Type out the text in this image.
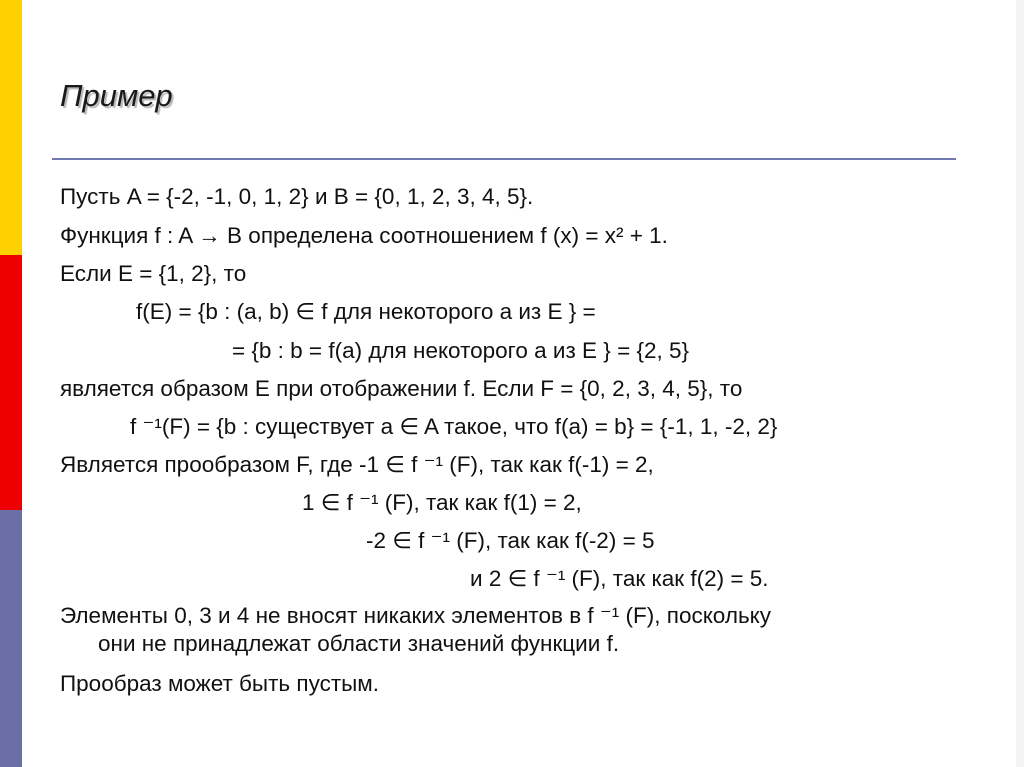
Пример
Пусть A = {-2, -1, 0, 1, 2} и B = {0, 1, 2, 3, 4, 5}.
Функция f : A → B определена соотношением f (x) = x² + 1.
Если E = {1, 2}, то
f(E) = {b : (a, b) ∈ f для некоторого a из E } =
= {b : b = f(a) для некоторого a из E } = {2, 5}
является образом E при отображении f. Если F = {0, 2, 3, 4, 5}, то
f ⁻¹(F) = {b : существует a ∈ A такое, что f(a) = b} = {-1, 1, -2, 2}
Является прообразом F, где -1 ∈ f ⁻¹ (F), так как f(-1) = 2,
1 ∈ f ⁻¹ (F), так как f(1) = 2,
-2 ∈ f ⁻¹ (F), так как f(-2) = 5
и 2 ∈ f ⁻¹ (F), так как f(2) = 5.
Элементы 0, 3 и 4 не вносят никаких элементов в f ⁻¹ (F), поскольку
они не принадлежат области значений функции f.
Прообраз может быть пустым.
